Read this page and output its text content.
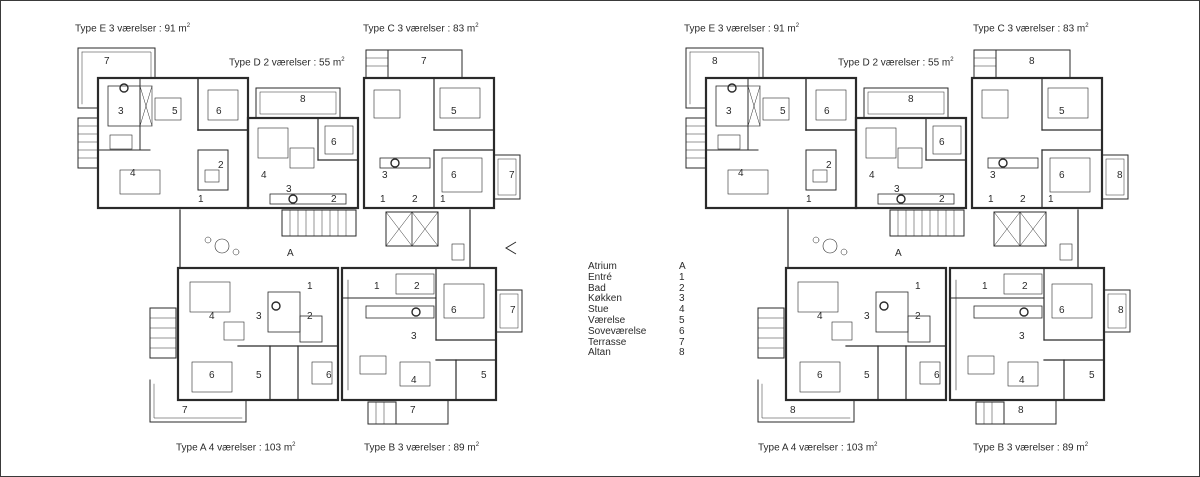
Type E 3 værelser : 91 $m^2$	Type C 3 værelser : 83 $m^2$
Type D 2 værelser : 55 $m^2$
Type A 4 værelser : 103 $m^2$	Type B 3 værelser : 89 $m^2$
Type E 3 værelser : 91 $m^2$	Type C 3 værelser : 83 $m^2$
Type D 2 værelser : 55 $m^2$
Type A 4 værelser : 103 $m^2$	Type B 3 værelser : 89 $m^2$
Atrium	A
Entré	1
Bad	2
Køkken	3
Stue	4
Værelse	5
Soveværelse	6
Terrasse	7
Altan	8
A
7
3	5	6
4
2
1
8
6
4
3
2	1
7
5
6	7
2
3
1
1
4	3	2
6	5	6
7
1	2
6
3
7
4	5
7
A
8
3	5	6
4
2
1
8
6
4
3
2	1
8
5
6	8
2
3
1
1
4	3	2
6	5	6
8
1	2
6
3
8
4	5
8
